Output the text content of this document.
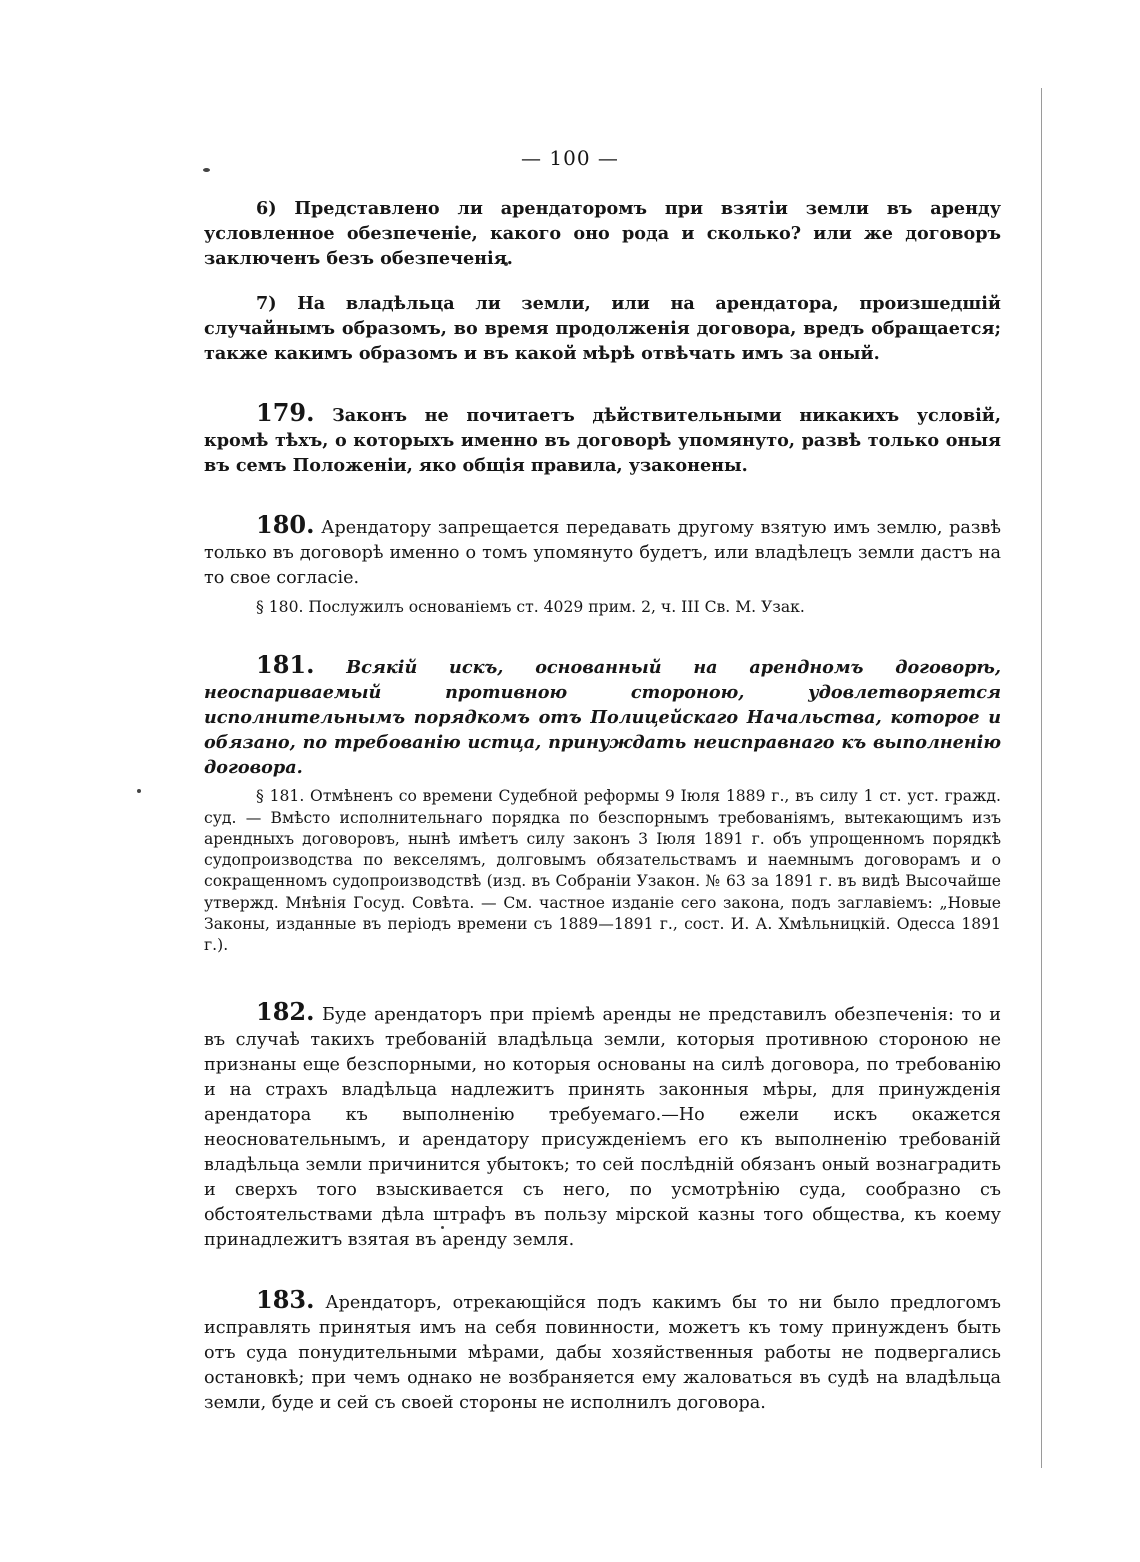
— 100 —

6) Представлено ли арендаторомъ при взятіи земли въ аренду условленное обезпеченіе, какого оно рода и сколько? или же договоръ заключенъ безъ обезпеченія.

7) На владѣльца ли земли, или на арендатора, произшедшій случайнымъ образомъ, во время продолженія договора, вредъ обращается; также какимъ образомъ и въ какой мѣрѣ отвѣчать имъ за оный.

179. Законъ не почитаетъ дѣйствительными никакихъ условій, кромѣ тѣхъ, о которыхъ именно въ договорѣ упомянуто, развѣ только оныя въ семъ Положеніи, яко общія правила, узаконены.

180. Арендатору запрещается передавать другому взятую имъ землю, развѣ только въ договорѣ именно о томъ упомянуто будетъ, или владѣлецъ земли дастъ на то свое согласіе.

§ 180. Послужилъ основаніемъ ст. 4029 прим. 2, ч. III Св. М. Узак.

181. Всякій искъ, основанный на арендномъ договорѣ, неоспариваемый противною стороною, удовлетворяется исполнительнымъ порядкомъ отъ Полицейскаго Начальства, которое и обязано, по требованію истца, принуждать неисправнаго къ выполненію договора.

§ 181. Отмѣненъ со времени Судебной реформы 9 Іюля 1889 г., въ силу 1 ст. уст. гражд. суд. — Вмѣсто исполнительнаго порядка по безспорнымъ требованіямъ, вытекающимъ изъ арендныхъ договоровъ, нынѣ имѣетъ силу законъ 3 Іюля 1891 г. объ упрощенномъ порядкѣ судопроизводства по векселямъ, долговымъ обязательствамъ и наемнымъ договорамъ и о сокращенномъ судопроизводствѣ (изд. въ Собраніи Узакон. № 63 за 1891 г. въ видѣ Высочайше утвержд. Мнѣнія Госуд. Совѣта. — См. частное изданіе сего закона, подъ заглавіемъ: „Новые Законы, изданные въ періодъ времени съ 1889—1891 г., сост. И. А. Хмѣльницкій. Одесса 1891 г.).

182. Буде арендаторъ при пріемѣ аренды не представилъ обезпеченія: то и въ случаѣ такихъ требованій владѣльца земли, которыя противною стороною не признаны еще безспорными, но которыя основаны на силѣ договора, по требованію и на страхъ владѣльца надлежитъ принять законныя мѣры, для принужденія арендатора къ выполненію требуемаго.—Но ежели искъ окажется неосновательнымъ, и арендатору присужденіемъ его къ выполненію требованій владѣльца земли причинится убытокъ; то сей послѣдній обязанъ оный вознаградить и сверхъ того взыскивается съ него, по усмотрѣнію суда, сообразно съ обстоятельствами дѣла штрафъ въ пользу мірской казны того общества, къ коему принадлежитъ взятая въ аренду земля.

183. Арендаторъ, отрекающійся подъ какимъ бы то ни было предлогомъ исправлять принятыя имъ на себя повинности, можетъ къ тому принужденъ быть отъ суда понудительными мѣрами, дабы хозяйственныя работы не подвергались остановкѣ; при чемъ однако не возбраняется ему жаловаться въ судѣ на владѣльца земли, буде и сей съ своей стороны не исполнилъ договора.
